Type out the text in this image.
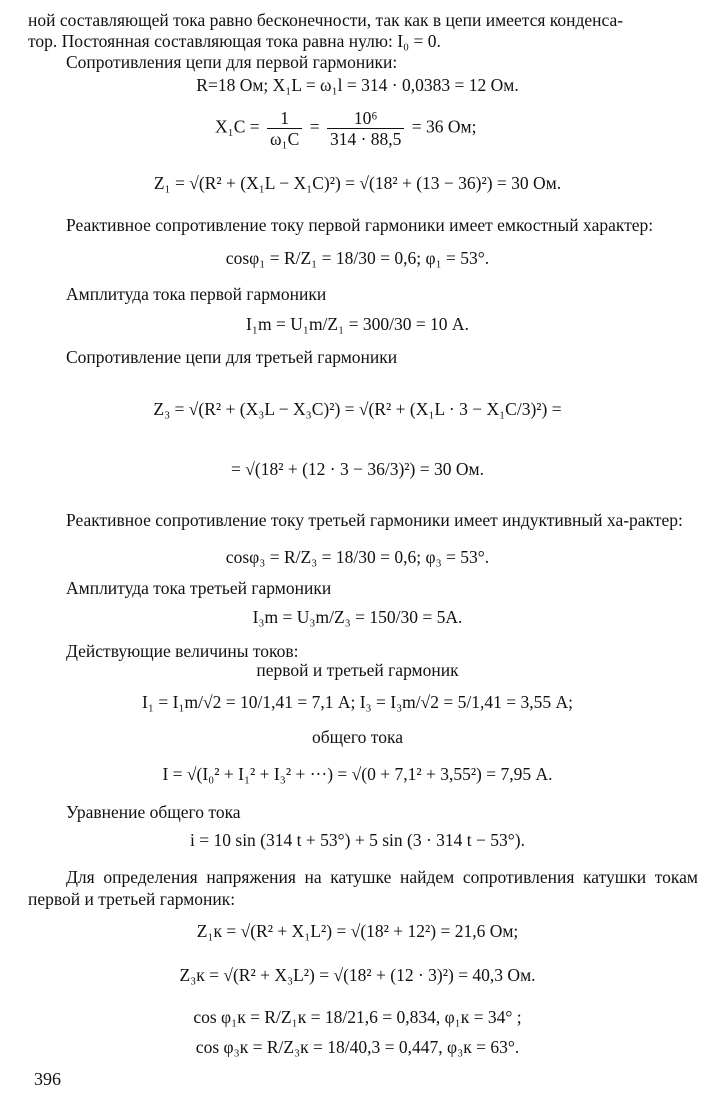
ной составляющей тока равно бесконечности, так как в цепи имеется конденса-
тор. Постоянная составляющая тока равна нулю: I₀ = 0.
Сопротивления цепи для первой гармоники:
R=18 Ом; X₁L = ω₁l = 314 · 0,0383 = 12 Ом.
$X_1C = \frac{1}{\text{ω₁C}} = \frac{\text{10⁶}}{314 \cdot 88,5} = 36$ Ом;
Z₁ = √(R² + (X₁L − X₁C)²) = √(18² + (13 − 36)²) = 30 Ом.
Реактивное сопротивление току первой гармоники имеет емкостный характер:
cosφ₁ = R/Z₁ = 18/30 = 0,6; φ₁ = 53°.
Амплитуда тока первой гармоники
I₁m = U₁m/Z₁ = 300/30 = 10 А.
Сопротивление цепи для третьей гармоники
Z₃ = √(R² + (X₃L − X₃C)²) = √(R² + (X₁L · 3 − X₁C/3)²) =
= √(18² + (12 · 3 − 36/3)²) = 30 Ом.
Реактивное сопротивление току третьей гармоники имеет индуктивный ха-рактер:
cosφ₃ = R/Z₃ = 18/30 = 0,6; φ₃ = 53°.
Амплитуда тока третьей гармоники
I₃m = U₃m/Z₃ = 150/30 = 5А.
Действующие величины токов:
первой и третьей гармоник
I₁ = I₁m/√2 = 10/1,41 = 7,1 А; I₃ = I₃m/√2 = 5/1,41 = 3,55 А;
общего тока
I = √(I₀² + I₁² + I₃² + ···) = √(0 + 7,1² + 3,55²) = 7,95 А.
Уравнение общего тока
i = 10 sin (314 t + 53°) + 5 sin (3 · 314 t − 53°).
Для определения напряжения на катушке найдем сопротивления катушки токам первой и третьей гармоник:
Z₁к = √(R² + X₁L²) = √(18² + 12²) = 21,6 Ом;
Z₃к = √(R² + X₃L²) = √(18² + (12 · 3)²) = 40,3 Ом.
cos φ₁к = R/Z₁к = 18/21,6 = 0,834, φ₁к = 34° ;
cos φ₃к = R/Z₃к = 18/40,3 = 0,447, φ₃к = 63°.
396
